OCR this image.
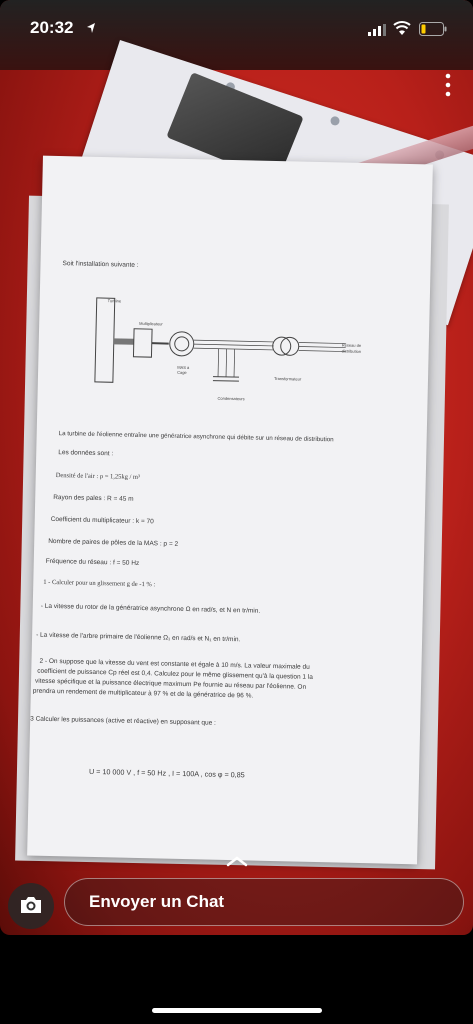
Soit l'installation suivante :
Turbine
Multiplicateur
MAS à
Cage
Condensateurs
Transformateur
Réseau de
distribution
La turbine de l'éolienne entraîne une génératrice asynchrone qui débite sur un réseau de distribution
Les données sont :
Densité de l'air : ρ = 1,25kg / m³
Rayon des pales : R = 45 m
Coefficient du multiplicateur : k = 70
Nombre de paires de pôles de la MAS : p = 2
Fréquence du réseau : f = 50 Hz
1 - Calculer pour un glissement g de -1 % :
- La vitesse du rotor de la génératrice asynchrone Ω en rad/s, et N en tr/min.
- La vitesse de l'arbre primaire de l'éolienne Ω₁ en rad/s et N₁ en tr/min.
2 - On suppose que la vitesse du vent est constante et égale à 10 m/s. La valeur maximale du
coefficient de puissance Cp réel est 0,4. Calculez pour le même glissement qu'à la question 1 la
vitesse spécifique et la puissance électrique maximum Pe fournie au réseau par l'éolienne. On
prendra un rendement de multiplicateur à 97 % et de la génératrice de 96 %.
3 Calculer les puissances (active et réactive) en supposant que :
U = 10 000 V , f = 50 Hz , I = 100A , cos φ = 0,85
20:32
Envoyer un Chat
